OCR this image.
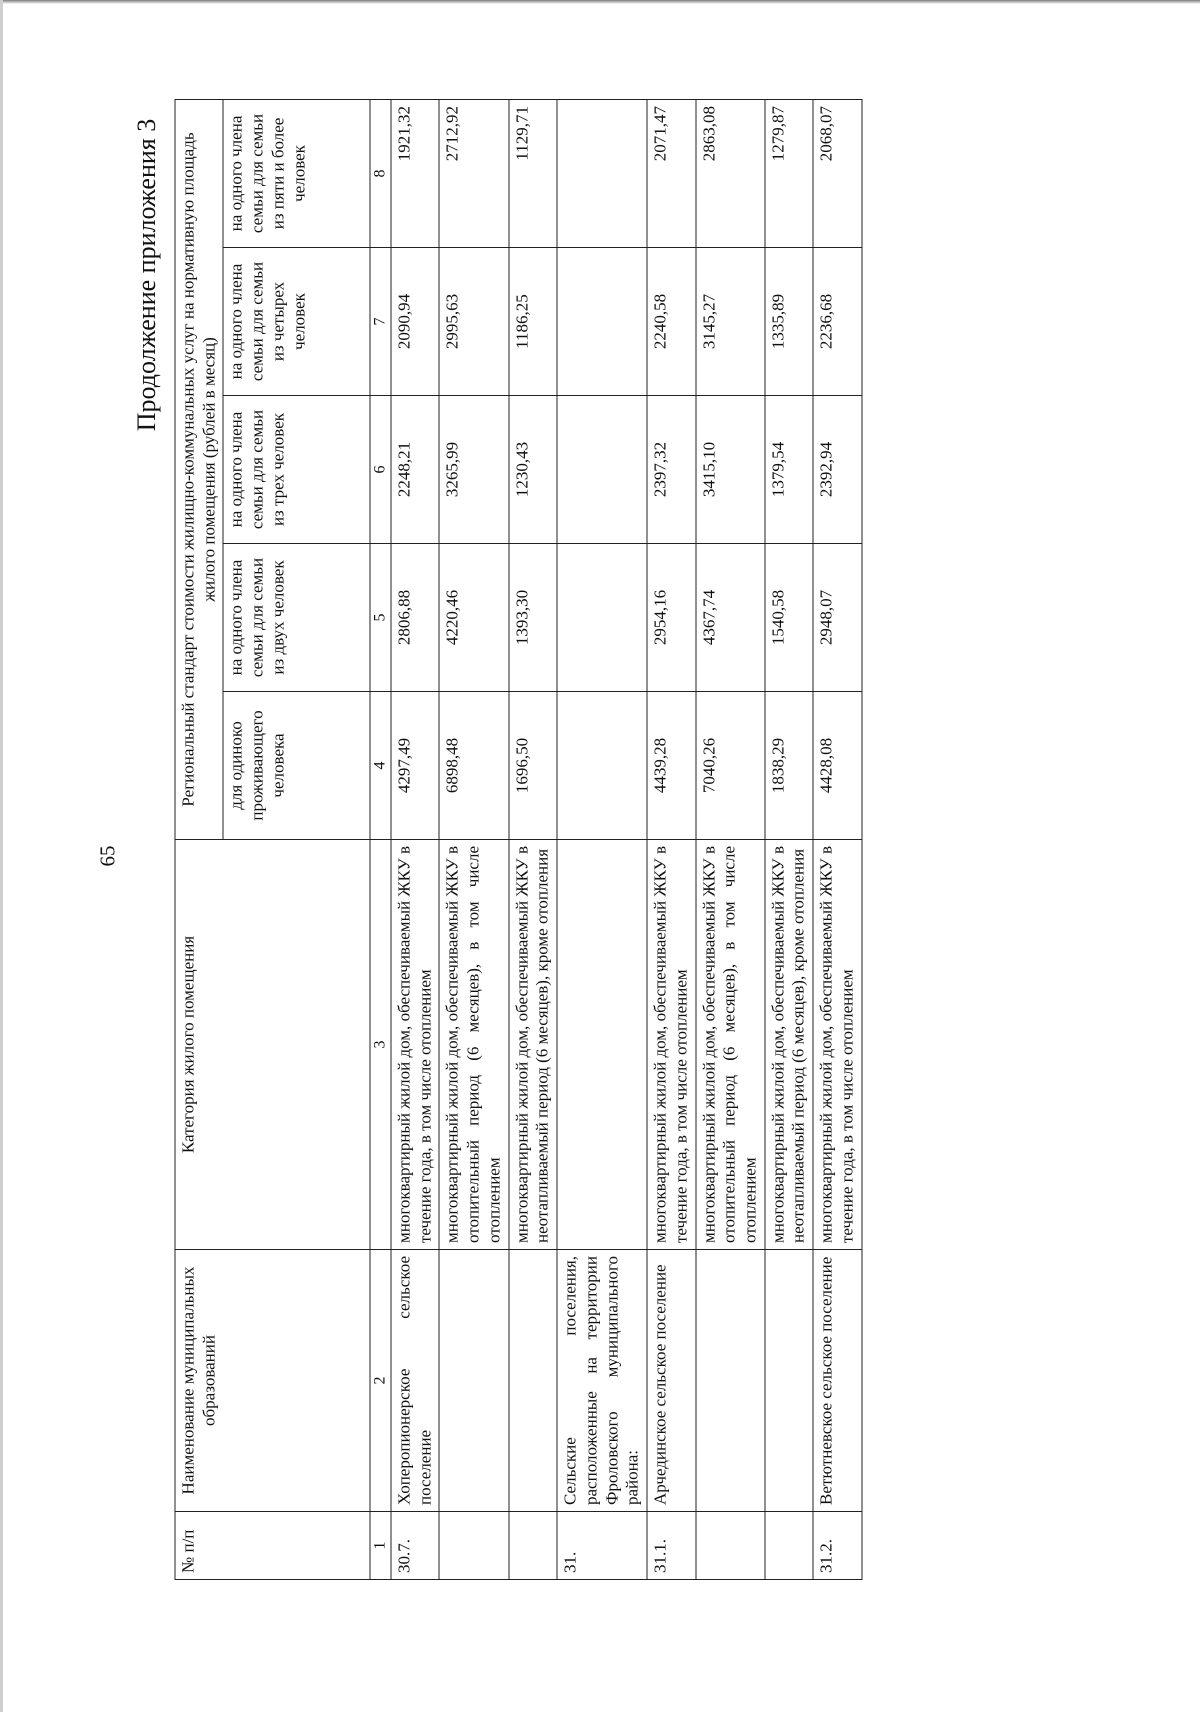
65
Продолжение приложения 3
№ п/п	Наименование муниципальных образований	Категория жилого помещения	Региональный стандарт стоимости жилищно-коммунальных услуг на нормативную площадь жилого помещения (рублей в месяц)				
			для одиноко проживающего человека	на одного члена семьи для семьи из двух человек	на одного члена семьи для семьи из трех человек	на одного члена семьи для семьи из четырех человек	на одного члена семьи для семьи из пяти и более человек
1	2	3	4	5	6	7	8
30.7.	Хоперопионерское сельское поселение	многоквартирный жилой дом, обеспечиваемый ЖКУ в течение года, в том числе отоплением	4297,49	2806,88	2248,21	2090,94	1921,32
		многоквартирный жилой дом, обеспечиваемый ЖКУ в отопительный период (6 месяцев), в том числе отоплением	6898,48	4220,46	3265,99	2995,63	2712,92
		многоквартирный жилой дом, обеспечиваемый ЖКУ в неотапливаемый период (6 месяцев), кроме отопления	1696,50	1393,30	1230,43	1186,25	1129,71
31.	Сельские поселения, расположенные на территории Фроловского муниципального района:						
31.1.	Арчединское сельское поселение	многоквартирный жилой дом, обеспечиваемый ЖКУ в течение года, в том числе отоплением	4439,28	2954,16	2397,32	2240,58	2071,47
		многоквартирный жилой дом, обеспечиваемый ЖКУ в отопительный период (6 месяцев), в том числе отоплением	7040,26	4367,74	3415,10	3145,27	2863,08
		многоквартирный жилой дом, обеспечиваемый ЖКУ в неотапливаемый период (6 месяцев), кроме отопления	1838,29	1540,58	1379,54	1335,89	1279,87
31.2.	Ветютневское сельское поселение	многоквартирный жилой дом, обеспечиваемый ЖКУ в течение года, в том числе отоплением	4428,08	2948,07	2392,94	2236,68	2068,07
